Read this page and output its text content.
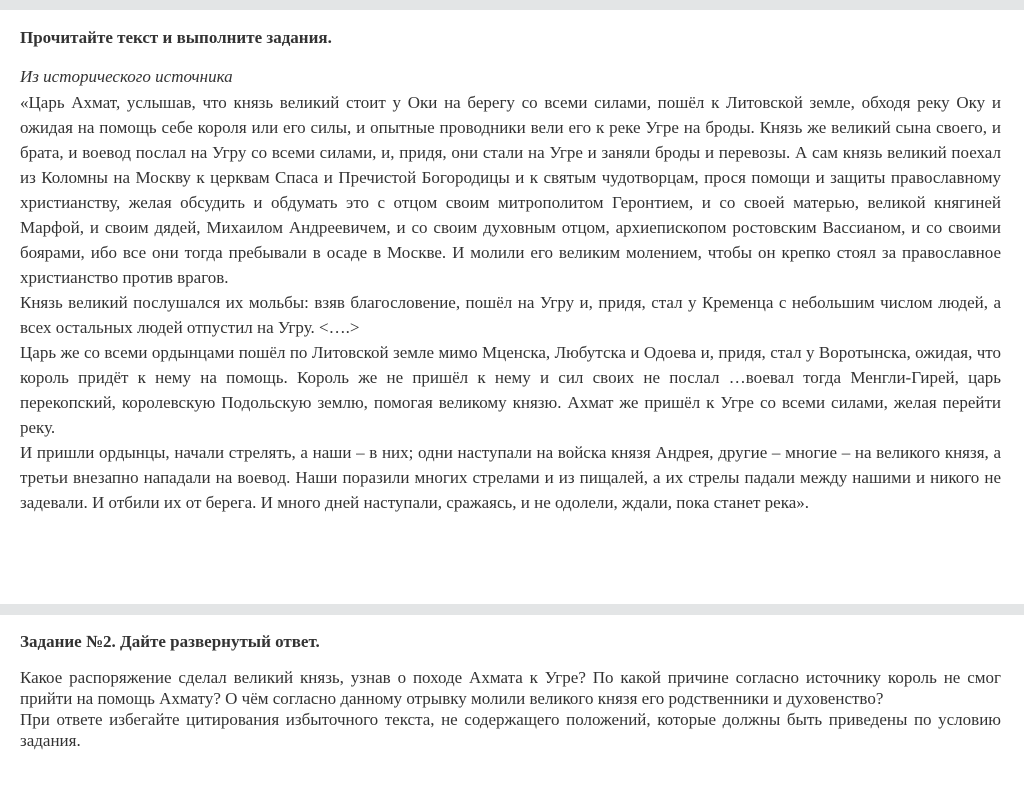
Прочитайте текст и выполните задания.
Из исторического источника

«Царь Ахмат, услышав, что князь великий стоит у Оки на берегу со всеми силами, пошёл к Литовской земле, обходя реку Оку и ожидая на помощь себе короля или его силы, и опытные проводники вели его к реке Угре на броды. Князь же великий сына своего, и брата, и воевод послал на Угру со всеми силами, и, придя, они стали на Угре и заняли броды и перевозы. А сам князь великий поехал из Коломны на Москву к церквам Спаса и Пречистой Богородицы и к святым чудотворцам, прося помощи и защиты православному христианству, желая обсудить и обдумать это с отцом своим митрополитом Геронтием, и со своей матерью, великой княгиней Марфой, и своим дядей, Михаилом Андреевичем, и со своим духовным отцом, архиепископом ростовским Вассианом, и со своими боярами, ибо все они тогда пребывали в осаде в Москве. И молили его великим молением, чтобы он крепко стоял за православное христианство против врагов.

Князь великий послушался их мольбы: взяв благословение, пошёл на Угру и, придя, стал у Кременца с небольшим числом людей, а всех остальных людей отпустил на Угру. <….>

Царь же со всеми ордынцами пошёл по Литовской земле мимо Мценска, Любутска и Одоева и, придя, стал у Воротынска, ожидая, что король придёт к нему на помощь. Король же не пришёл к нему и сил своих не послал …воевал тогда Менгли-Гирей, царь перекопский, королевскую Подольскую землю, помогая великому князю. Ахмат же пришёл к Угре со всеми силами, желая перейти реку.

И пришли ордынцы, начали стрелять, а наши – в них; одни наступали на войска князя Андрея, другие – многие – на великого князя, а третьи внезапно нападали на воевод. Наши поразили многих стрелами и из пищалей, а их стрелы падали между нашими и никого не задевали. И отбили их от берега. И много дней наступали, сражаясь, и не одолели, ждали, пока станет река».

Задание №2. Дайте развернутый ответ.

Какое распоряжение сделал великий князь, узнав о походе Ахмата к Угре? По какой причине согласно источнику король не смог прийти на помощь Ахмату? О чём согласно данному отрывку молили великого князя его родственники и духовенство?

При ответе избегайте цитирования избыточного текста, не содержащего положений, которые должны быть приведены по условию задания.
